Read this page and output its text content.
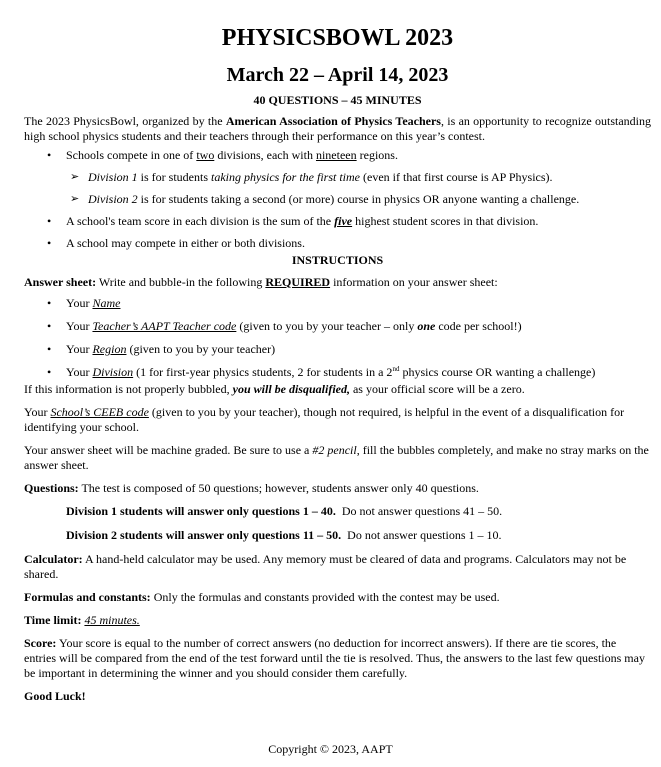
PHYSICSBOWL 2023
March 22 – April 14, 2023

40 QUESTIONS – 45 MINUTES

The 2023 PhysicsBowl, organized by the American Association of Physics Teachers, is an opportunity to recognize outstanding high school physics students and their teachers through their performance on this year’s contest.

• Schools compete in one of two divisions, each with nineteen regions.
➢ Division 1 is for students taking physics for the first time (even if that first course is AP Physics).
➢ Division 2 is for students taking a second (or more) course in physics OR anyone wanting a challenge.
• A school's team score in each division is the sum of the five highest student scores in that division.
• A school may compete in either or both divisions.

INSTRUCTIONS

Answer sheet: Write and bubble-in the following REQUIRED information on your answer sheet:

• Your Name
• Your Teacher’s AAPT Teacher code (given to you by your teacher – only one code per school!)
• Your Region (given to you by your teacher)
• Your Division (1 for first-year physics students, 2 for students in a 2nd physics course OR wanting a challenge)

If this information is not properly bubbled, you will be disqualified, as your official score will be a zero.

Your School’s CEEB code (given to you by your teacher), though not required, is helpful in the event of a disqualification for identifying your school.

Your answer sheet will be machine graded. Be sure to use a #2 pencil, fill the bubbles completely, and make no stray marks on the answer sheet.

Questions: The test is composed of 50 questions; however, students answer only 40 questions.

Division 1 students will answer only questions 1 – 40.  Do not answer questions 41 – 50.

Division 2 students will answer only questions 11 – 50.  Do not answer questions 1 – 10.

Calculator: A hand-held calculator may be used. Any memory must be cleared of data and programs. Calculators may not be shared.

Formulas and constants: Only the formulas and constants provided with the contest may be used.

Time limit: 45 minutes.

Score: Your score is equal to the number of correct answers (no deduction for incorrect answers). If there are tie scores, the entries will be compared from the end of the test forward until the tie is resolved. Thus, the answers to the last few questions may be important in determining the winner and you should consider them carefully.

Good Luck!

Copyright © 2023, AAPT
